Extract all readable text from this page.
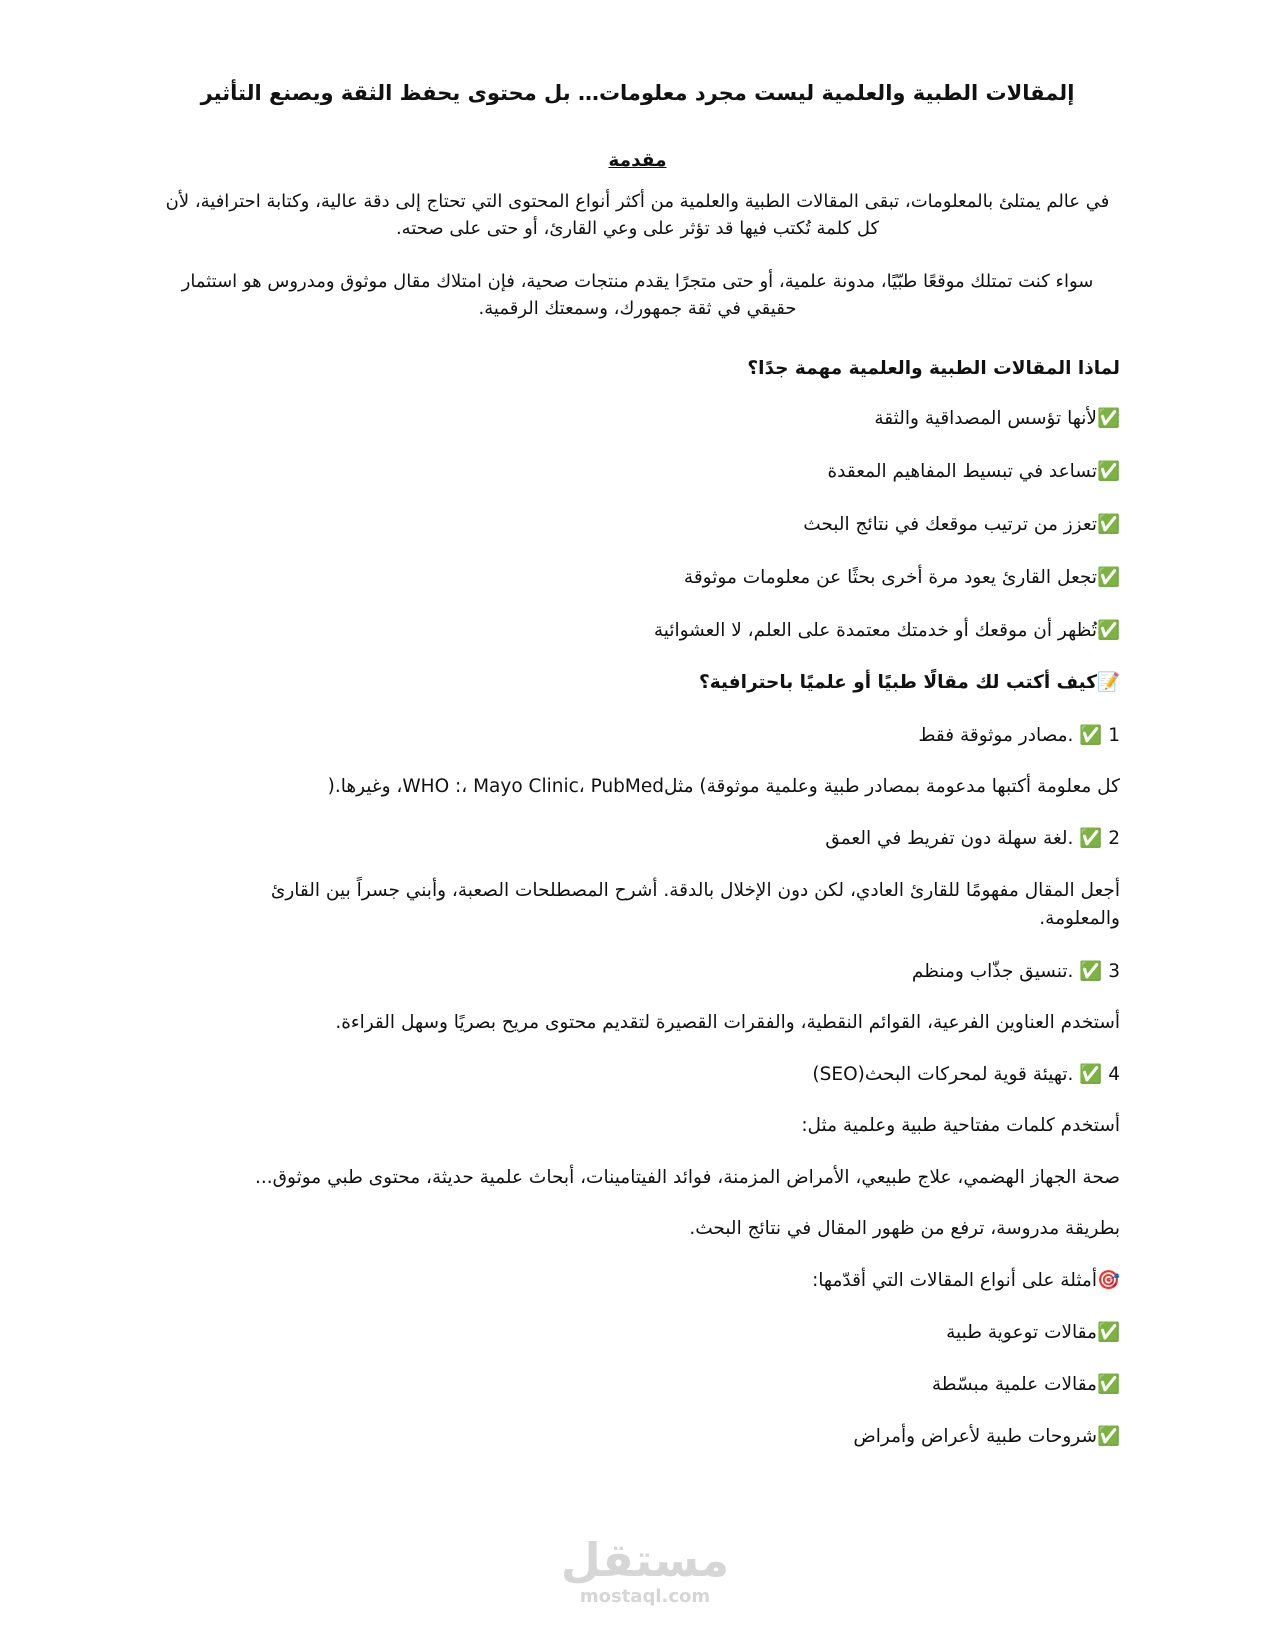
إلمقالات الطبية والعلمية ليست مجرد معلومات… بل محتوى يحفظ الثقة ويصنع التأثير
مقدمة
في عالم يمتلئ بالمعلومات، تبقى المقالات الطبية والعلمية من أكثر أنواع المحتوى التي تحتاج إلى دقة عالية، وكتابة احترافية، لأن كل كلمة تُكتب فيها قد تؤثر على وعي القارئ، أو حتى على صحته.
سواء كنت تمتلك موقعًا طبّيًا، مدونة علمية، أو حتى متجرًا يقدم منتجات صحية، فإن امتلاك مقال موثوق ومدروس هو استثمار حقيقي في ثقة جمهورك، وسمعتك الرقمية.
لماذا المقالات الطبية والعلمية مهمة جدًا؟
✅لأنها تؤسس المصداقية والثقة
✅تساعد في تبسيط المفاهيم المعقدة
✅تعزز من ترتيب موقعك في نتائج البحث
✅تجعل القارئ يعود مرة أخرى بحثًا عن معلومات موثوقة
✅تُظهر أن موقعك أو خدمتك معتمدة على العلم، لا العشوائية
📝كيف أكتب لك مقالًا طبيًا أو علميًا باحترافية؟
1 ✅ .مصادر موثوقة فقط
كل معلومة أكتبها مدعومة بمصادر طبية وعلمية موثوقة) مثلWHO :، Mayo Clinic، PubMed، وغيرها.(
2 ✅ .لغة سهلة دون تفريط في العمق
أجعل المقال مفهومًا للقارئ العادي، لكن دون الإخلال بالدقة. أشرح المصطلحات الصعبة، وأبني جسراً بين القارئ
والمعلومة.
3 ✅ .تنسيق جذّاب ومنظم
أستخدم العناوين الفرعية، القوائم النقطية، والفقرات القصيرة لتقديم محتوى مريح بصريًا وسهل القراءة.
4 ✅ .تهيئة قوية لمحركات البحث(SEO)
أستخدم كلمات مفتاحية طبية وعلمية مثل:
صحة الجهاز الهضمي، علاج طبيعي، الأمراض المزمنة، فوائد الفيتامينات، أبحاث علمية حديثة، محتوى طبي موثوق...
بطريقة مدروسة، ترفع من ظهور المقال في نتائج البحث.
🎯أمثلة على أنواع المقالات التي أقدّمها:
✅مقالات توعوية طبية
✅مقالات علمية مبسّطة
✅شروحات طبية لأعراض وأمراض
مستقل
mostaql.com
